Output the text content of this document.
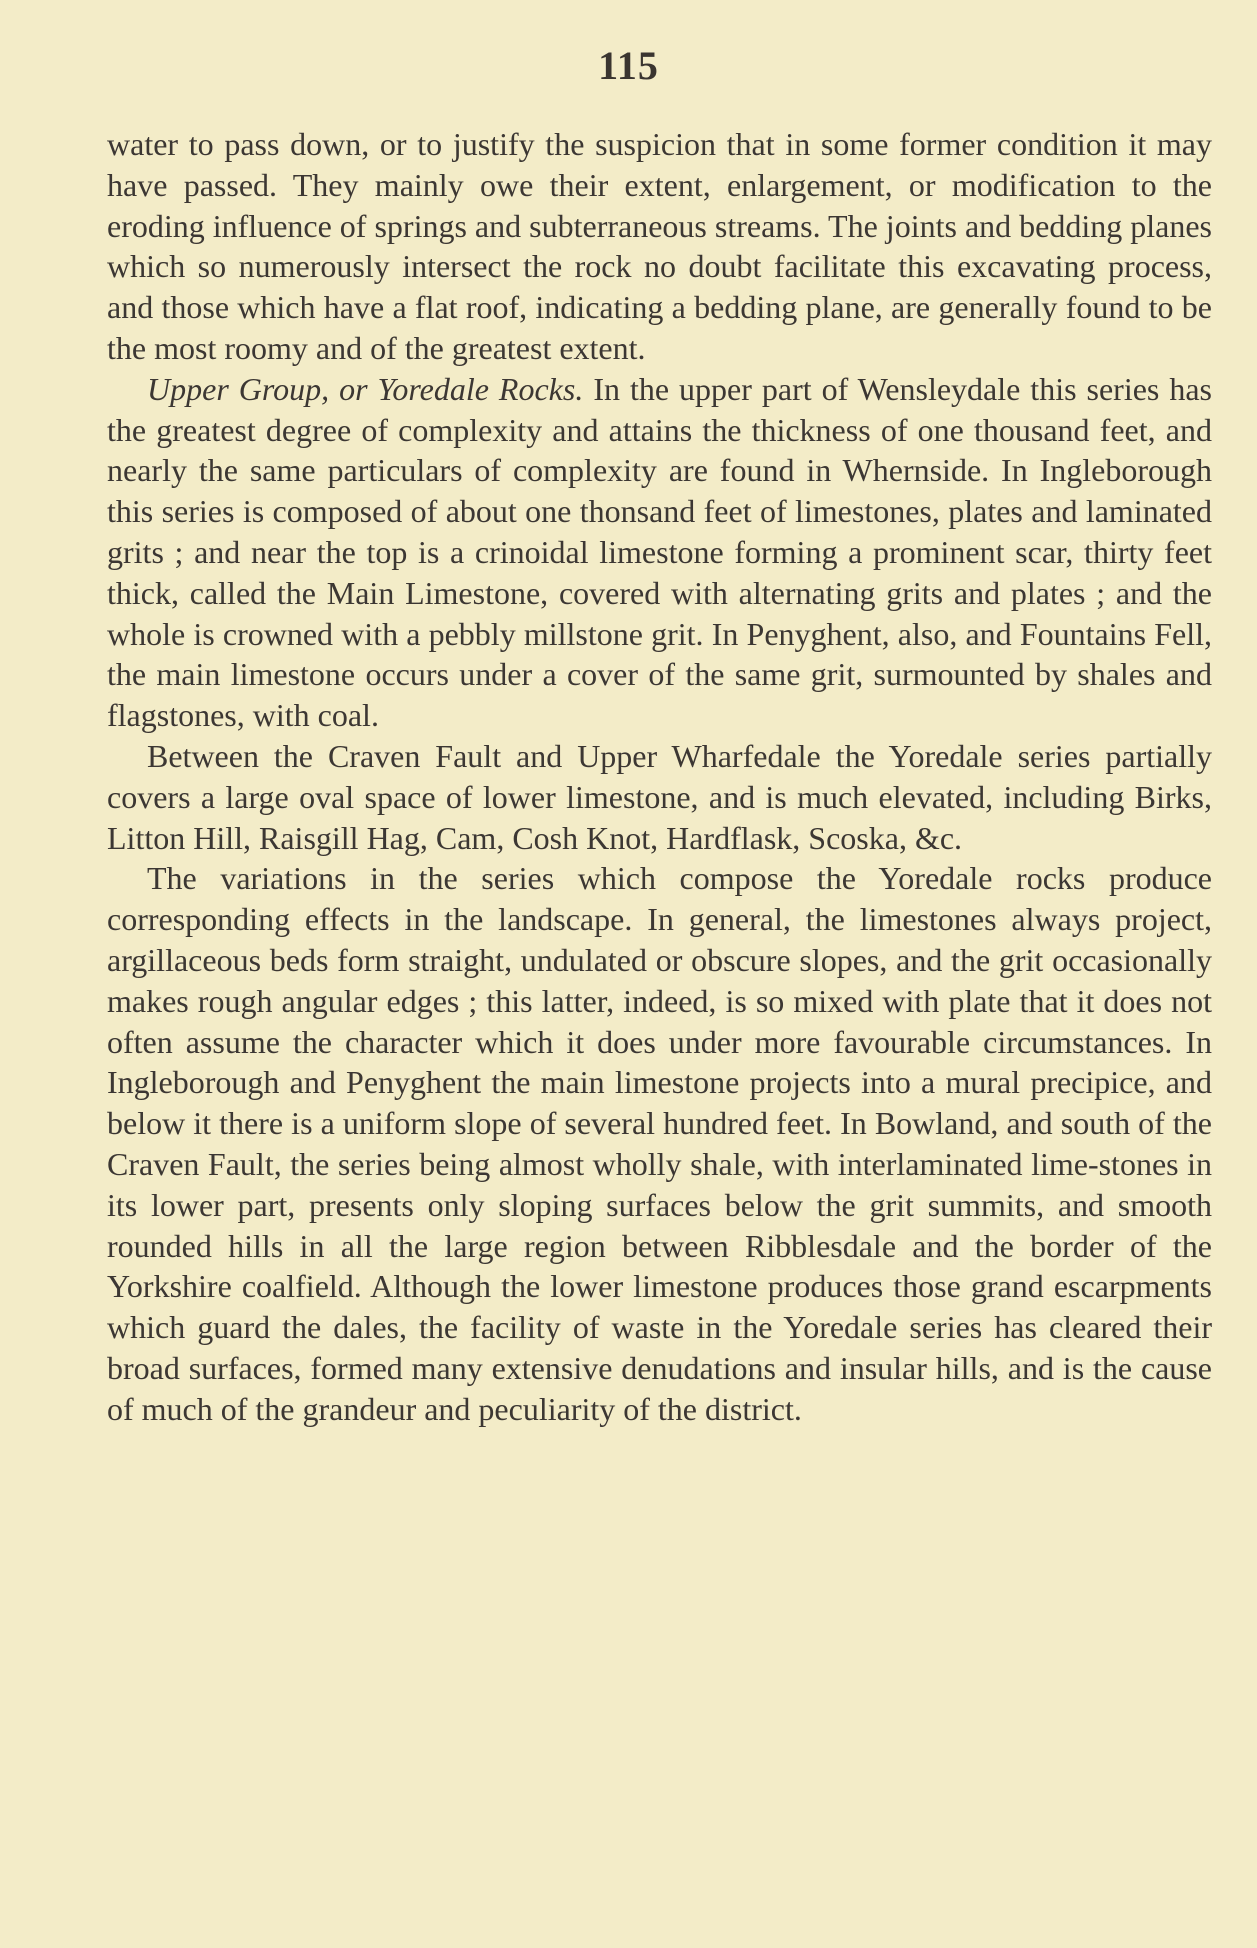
115

water to pass down, or to justify the suspicion that in some former condition it may have passed. They mainly owe their extent, enlargement, or modification to the eroding influence of springs and subterraneous streams. The joints and bedding planes which so numerously intersect the rock no doubt facilitate this excavating process, and those which have a flat roof, indicating a bedding plane, are generally found to be the most roomy and of the greatest extent.

Upper Group, or Yoredale Rocks. In the upper part of Wensleydale this series has the greatest degree of complexity and attains the thickness of one thousand feet, and nearly the same particulars of complexity are found in Whernside. In Ingleborough this series is composed of about one thonsand feet of limestones, plates and laminated grits ; and near the top is a crinoidal limestone forming a prominent scar, thirty feet thick, called the Main Limestone, covered with alternating grits and plates ; and the whole is crowned with a pebbly millstone grit. In Penyghent, also, and Fountains Fell, the main limestone occurs under a cover of the same grit, surmounted by shales and flagstones, with coal.

Between the Craven Fault and Upper Wharfedale the Yoredale series partially covers a large oval space of lower limestone, and is much elevated, including Birks, Litton Hill, Raisgill Hag, Cam, Cosh Knot, Hardflask, Scoska, &c.

The variations in the series which compose the Yoredale rocks produce corresponding effects in the landscape. In general, the limestones always project, argillaceous beds form straight, undulated or obscure slopes, and the grit occasionally makes rough angular edges ; this latter, indeed, is so mixed with plate that it does not often assume the character which it does under more favourable circumstances. In Ingleborough and Penyghent the main limestone projects into a mural precipice, and below it there is a uniform slope of several hundred feet. In Bowland, and south of the Craven Fault, the series being almost wholly shale, with interlaminated lime-stones in its lower part, presents only sloping surfaces below the grit summits, and smooth rounded hills in all the large region between Ribblesdale and the border of the Yorkshire coalfield. Although the lower limestone produces those grand escarpments which guard the dales, the facility of waste in the Yoredale series has cleared their broad surfaces, formed many extensive denudations and insular hills, and is the cause of much of the grandeur and peculiarity of the district.
